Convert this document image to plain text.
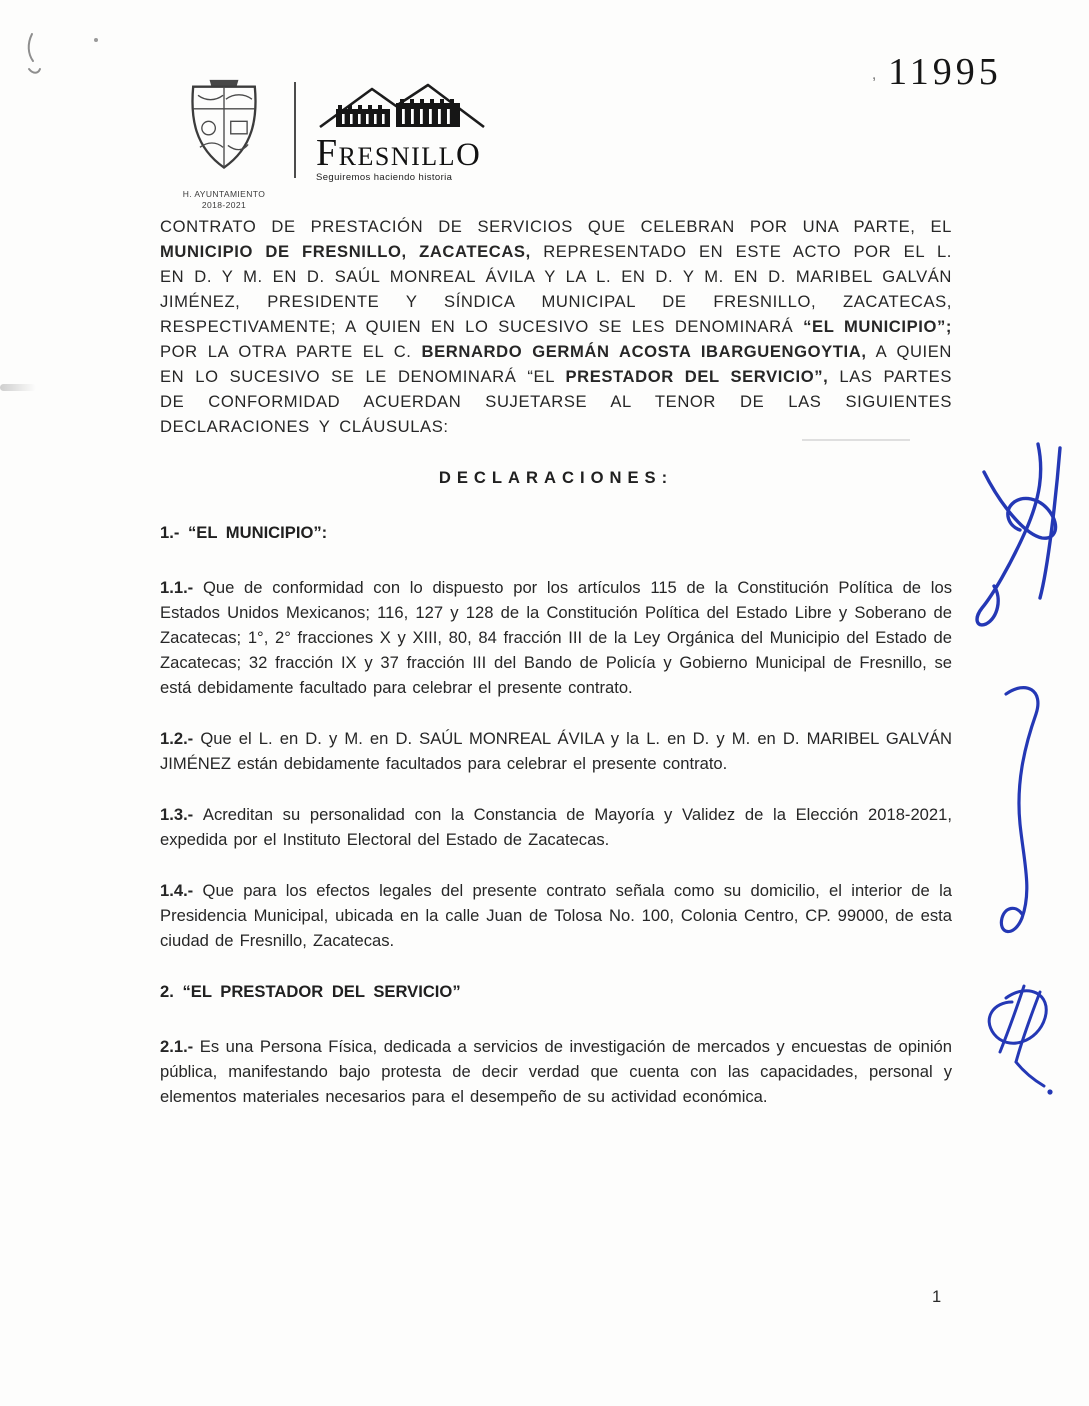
, 11995
H. AYUNTAMIENTO
2018-2021
FRESNILLO
Seguiremos haciendo historia

CONTRATO DE PRESTACIÓN DE SERVICIOS QUE CELEBRAN POR UNA PARTE, EL MUNICIPIO DE FRESNILLO, ZACATECAS, REPRESENTADO EN ESTE ACTO POR EL L. EN D. Y M. EN D. SAÚL MONREAL ÁVILA Y LA L. EN D. Y M. EN D. MARIBEL GALVÁN JIMÉNEZ, PRESIDENTE Y SÍNDICA MUNICIPAL DE FRESNILLO, ZACATECAS, RESPECTIVAMENTE; A QUIEN EN LO SUCESIVO SE LES DENOMINARÁ “EL MUNICIPIO”; POR LA OTRA PARTE EL C. BERNARDO GERMÁN ACOSTA IBARGUENGOYTIA, A QUIEN EN LO SUCESIVO SE LE DENOMINARÁ “EL PRESTADOR DEL SERVICIO”, LAS PARTES DE CONFORMIDAD ACUERDAN SUJETARSE AL TENOR DE LAS SIGUIENTES DECLARACIONES Y CLÁUSULAS:

DECLARACIONES:
1.- “EL MUNICIPIO”:

1.1.- Que de conformidad con lo dispuesto por los artículos 115 de la Constitución Política de los Estados Unidos Mexicanos; 116, 127 y 128 de la Constitución Política del Estado Libre y Soberano de Zacatecas; 1°, 2° fracciones X y XIII, 80, 84 fracción III de la Ley Orgánica del Municipio del Estado de Zacatecas; 32 fracción IX y 37 fracción III del Bando de Policía y Gobierno Municipal de Fresnillo, se está debidamente facultado para celebrar el presente contrato.

1.2.- Que el L. en D. y M. en D. SAÚL MONREAL ÁVILA y la L. en D. y M. en D. MARIBEL GALVÁN JIMÉNEZ están debidamente facultados para celebrar el presente contrato.

1.3.- Acreditan su personalidad con la Constancia de Mayoría y Validez de la Elección 2018-2021, expedida por el Instituto Electoral del Estado de Zacatecas.

1.4.- Que para los efectos legales del presente contrato señala como su domicilio, el interior de la Presidencia Municipal, ubicada en la calle Juan de Tolosa No. 100, Colonia Centro, CP. 99000, de esta ciudad de Fresnillo, Zacatecas.

2. “EL PRESTADOR DEL SERVICIO”

2.1.- Es una Persona Física, dedicada a servicios de investigación de mercados y encuestas de opinión pública, manifestando bajo protesta de decir verdad que cuenta con las capacidades, personal y elementos materiales necesarios para el desempeño de su actividad económica.

1
